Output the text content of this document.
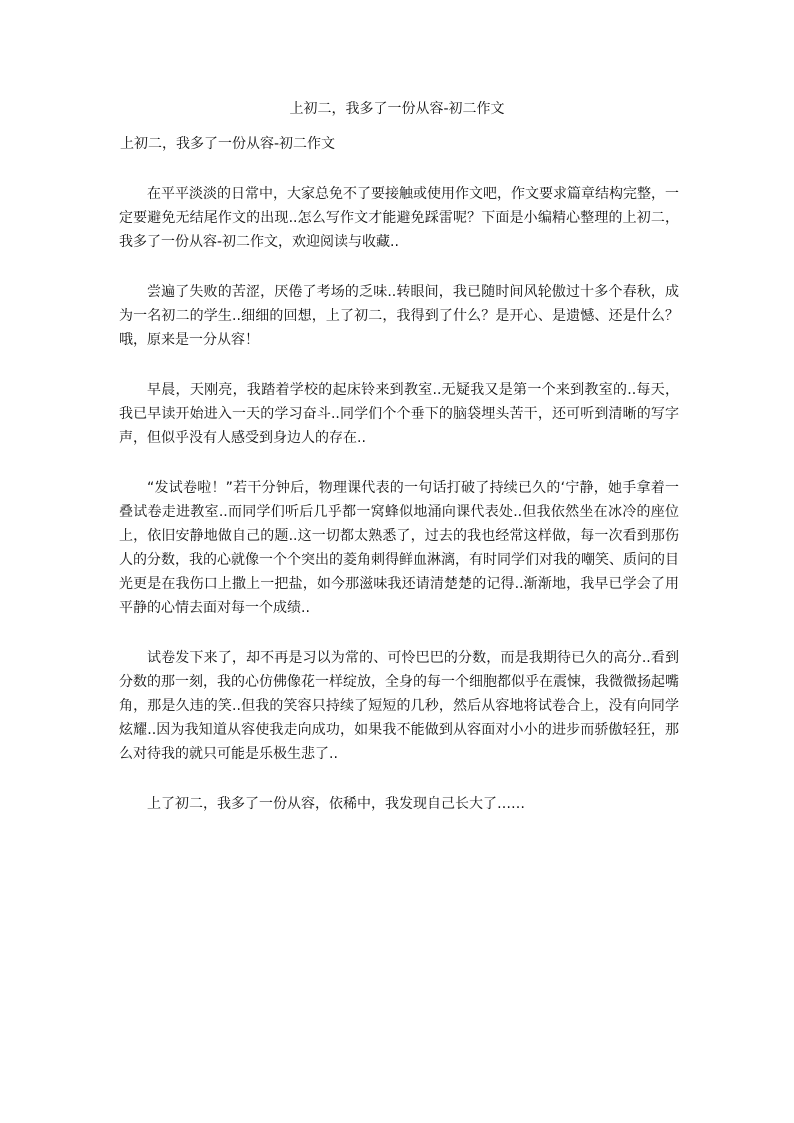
上初二，我多了一份从容-初二作文
上初二，我多了一份从容-初二作文

在平平淡淡的日常中，大家总免不了要接触或使用作文吧，作文要求篇章结构完整，一定要避免无结尾作文的出现..怎么写作文才能避免踩雷呢？下面是小编精心整理的上初二，我多了一份从容-初二作文，欢迎阅读与收藏..

尝遍了失败的苦涩，厌倦了考场的乏味..转眼间，我已随时间风轮傲过十多个春秋，成为一名初二的学生..细细的回想，上了初二，我得到了什么？是开心、是遗憾、还是什么？哦，原来是一分从容！

早晨，天刚亮，我踏着学校的起床铃来到教室..无疑我又是第一个来到教室的..每天，我已早读开始进入一天的学习奋斗..同学们个个垂下的脑袋埋头苦干，还可听到清晰的写字声，但似乎没有人感受到身边人的存在..

“发试卷啦！”若干分钟后，物理课代表的一句话打破了持续已久的‘宁静，她手拿着一叠试卷走进教室..而同学们听后几乎都一窝蜂似地涌向课代表处..但我依然坐在冰冷的座位上，依旧安静地做自己的题..这一切都太熟悉了，过去的我也经常这样做，每一次看到那伤人的分数，我的心就像一个个突出的菱角刺得鲜血淋漓，有时同学们对我的嘲笑、质问的目光更是在我伤口上撒上一把盐，如今那滋味我还请清楚楚的记得..渐渐地，我早已学会了用平静的心情去面对每一个成绩..

试卷发下来了，却不再是习以为常的、可怜巴巴的分数，而是我期待已久的高分..看到分数的那一刻，我的心仿佛像花一样绽放，全身的每一个细胞都似乎在震悚，我微微扬起嘴角，那是久违的笑..但我的笑容只持续了短短的几秒，然后从容地将试卷合上，没有向同学炫耀..因为我知道从容使我走向成功，如果我不能做到从容面对小小的进步而骄傲轻狂，那么对待我的就只可能是乐极生悲了..

上了初二，我多了一份从容，依稀中，我发现自己长大了……
